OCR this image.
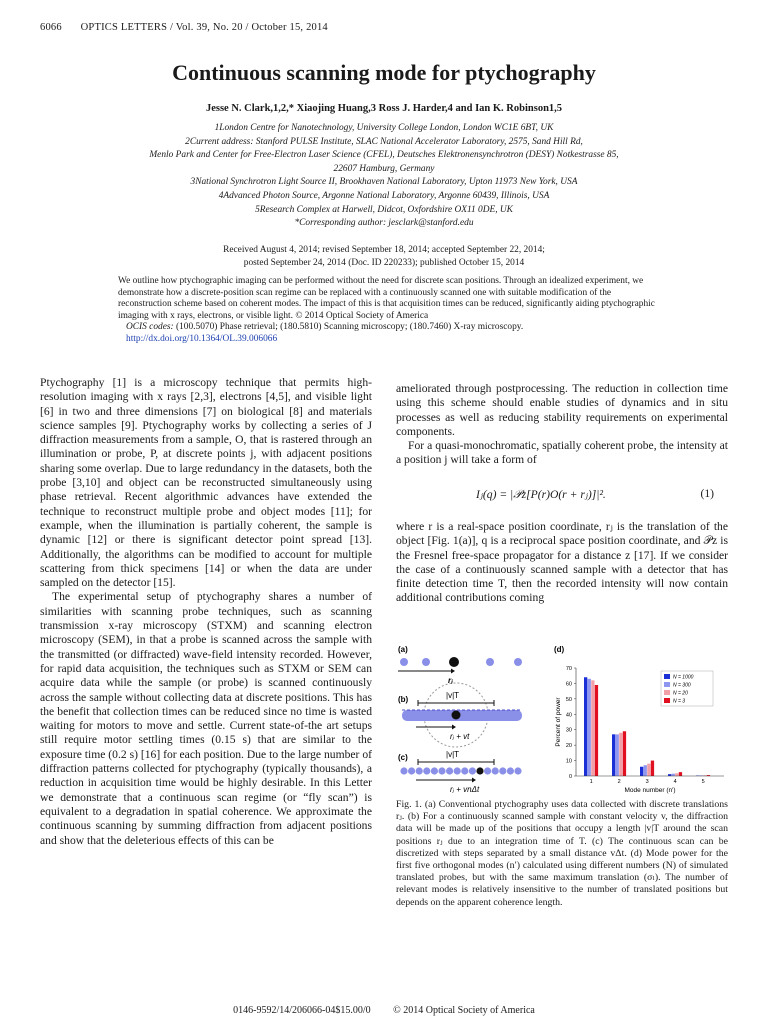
6066 OPTICS LETTERS / Vol. 39, No. 20 / October 15, 2014
Continuous scanning mode for ptychography
Jesse N. Clark,1,2,* Xiaojing Huang,3 Ross J. Harder,4 and Ian K. Robinson1,5
1London Centre for Nanotechnology, University College London, London WC1E 6BT, UK
2Current address: Stanford PULSE Institute, SLAC National Accelerator Laboratory, 2575, Sand Hill Rd,
Menlo Park and Center for Free-Electron Laser Science (CFEL), Deutsches Elektronensynchrotron (DESY) Notkestrasse 85,
22607 Hamburg, Germany
3National Synchrotron Light Source II, Brookhaven National Laboratory, Upton 11973 New York, USA
4Advanced Photon Source, Argonne National Laboratory, Argonne 60439, Illinois, USA
5Research Complex at Harwell, Didcot, Oxfordshire OX11 0DE, UK
*Corresponding author: jesclark@stanford.edu
Received August 4, 2014; revised September 18, 2014; accepted September 22, 2014;
posted September 24, 2014 (Doc. ID 220233); published October 15, 2014
We outline how ptychographic imaging can be performed without the need for discrete scan positions. Through an idealized experiment, we demonstrate how a discrete-position scan regime can be replaced with a continuously scanned one with suitable modification of the reconstruction scheme based on coherent modes. The impact of this is that acquisition times can be reduced, significantly aiding ptychographic imaging with x rays, electrons, or visible light. © 2014 Optical Society of America
OCIS codes: (100.5070) Phase retrieval; (180.5810) Scanning microscopy; (180.7460) X-ray microscopy.
http://dx.doi.org/10.1364/OL.39.006066

Ptychography [1] is a microscopy technique that permits high-resolution imaging with x rays [2,3], electrons [4,5], and visible light [6] in two and three dimensions [7] on biological [8] and materials science samples [9]. Ptychography works by collecting a series of J diffraction measurements from a sample, O, that is rastered through an illumination or probe, P, at discrete points j, with adjacent positions sharing some overlap. Due to large redundancy in the datasets, both the probe [3,10] and object can be reconstructed simultaneously using phase retrieval. Recent algorithmic advances have extended the technique to reconstruct multiple probe and object modes [11]; for example, when the illumination is partially coherent, the sample is dynamic [12] or there is significant detector point spread [13]. Additionally, the algorithms can be modified to account for multiple scattering from thick specimens [14] or when the data are under sampled on the detector [15].

The experimental setup of ptychography shares a number of similarities with scanning probe techniques, such as scanning transmission x-ray microscopy (STXM) and scanning electron microscopy (SEM), in that a probe is scanned across the sample with the transmitted (or diffracted) wave-field intensity recorded. However, for rapid data acquisition, the techniques such as STXM or SEM can acquire data while the sample (or probe) is scanned continuously across the sample without collecting data at discrete positions. This has the benefit that collection times can be reduced since no time is wasted waiting for motors to move and settle. Current state-of-the art setups still require motor settling times (0.15 s) that are similar to the exposure time (0.2 s) [16] for each position. Due to the large number of diffraction patterns collected for ptychography (typically thousands), a reduction in acquisition time would be highly desirable. In this Letter we demonstrate that a continuous scan regime (or “fly scan”) is equivalent to a degradation in spatial coherence. We approximate the continuous scanning by summing diffraction from adjacent positions and show that the deleterious effects of this can be

ameliorated through postprocessing. The reduction in collection time using this scheme should enable studies of dynamics and in situ processes as well as reducing stability requirements on experimental components.

For a quasi-monochromatic, spatially coherent probe, the intensity at a position j will take a form of

Iⱼ(q) = |𝒫z[P(r)O(r + rⱼ)]|².	(1)

where r is a real-space position coordinate, rⱼ is the translation of the object [Fig. 1(a)], q is a reciprocal space position coordinate, and 𝒫z is the Fresnel free-space propagator for a distance z [17]. If we consider the case of a continuously scanned sample with a detector that has finite detection time T, then the recorded intensity will now contain additional contributions coming

(a)
(b)
(c)
(d)
rⱼ
|v|T
rⱼ + vt
|v|T
rⱼ + vnΔt
0
10
20
30
40
50
60
70
1	2	3	4	5
N = 1000
N = 300
N = 20
N = 3
Percent of power
Mode number (n′)
Fig. 1. (a) Conventional ptychography uses data collected with discrete translations rⱼ. (b) For a continuously scanned sample with constant velocity v, the diffraction data will be made up of the positions that occupy a length |v|T around the scan positions rⱼ due to an integration time of T. (c) The continuous scan can be discretized with steps separated by a small distance vΔt. (d) Mode power for the first five orthogonal modes (n′) calculated using different numbers (N) of simulated translated probes, but with the same maximum translation (σₗ). The number of relevant modes is relatively insensitive to the number of translated positions but depends on the apparent coherence length.
0146-9592/14/206066-04$15.00/0 © 2014 Optical Society of America
